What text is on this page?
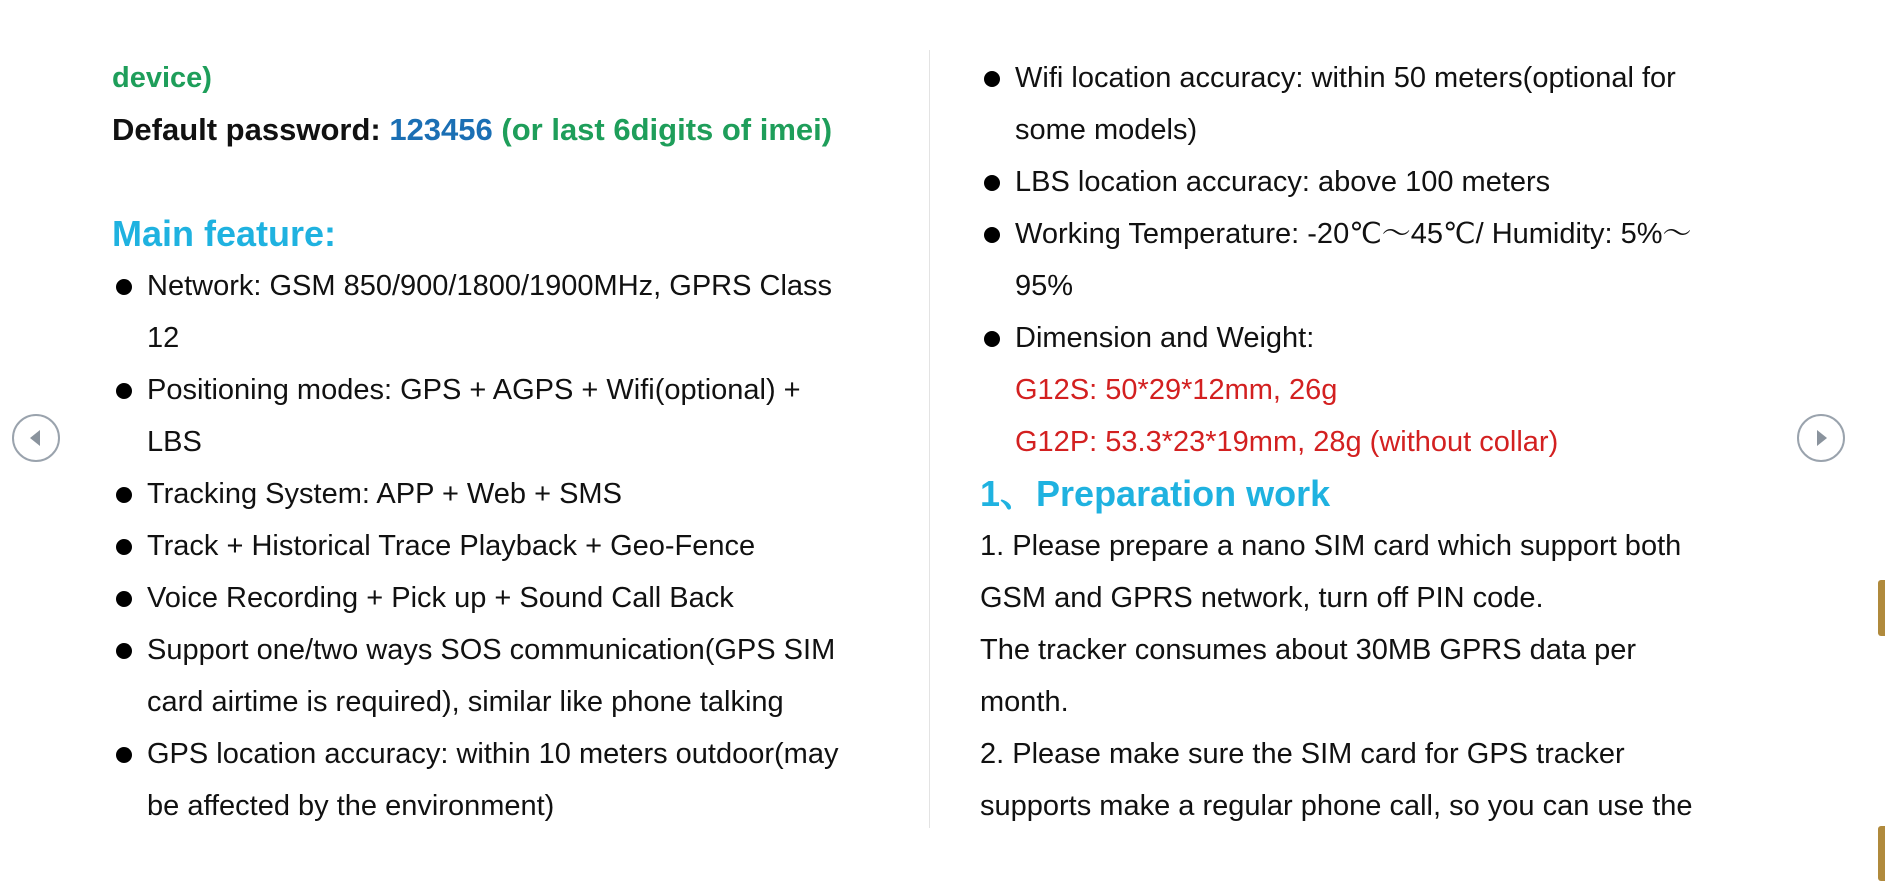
device)
Default password: 123456 (or last 6digits of imei)
Main feature:
Network: GSM 850/900/1800/1900MHz, GPRS Class
12
Positioning modes: GPS + AGPS + Wifi(optional) +
LBS
Tracking System: APP + Web + SMS
Track + Historical Trace Playback + Geo-Fence
Voice Recording + Pick up + Sound Call Back
Support one/two ways SOS communication(GPS SIM
card airtime is required), similar like phone talking
GPS location accuracy: within 10 meters outdoor(may
be affected by the environment)
Wifi location accuracy: within 50 meters(optional for
some models)
LBS location accuracy: above 100 meters
Working Temperature: -20℃～45℃/ Humidity: 5%～
95%
Dimension and Weight:
G12S: 50*29*12mm, 26g
G12P: 53.3*23*19mm, 28g (without collar)
1、Preparation work
1. Please prepare a nano SIM card which support both
GSM and GPRS network, turn off PIN code.
The tracker consumes about 30MB GPRS data per
month.
2. Please make sure the SIM card for GPS tracker
supports make a regular phone call, so you can use the
